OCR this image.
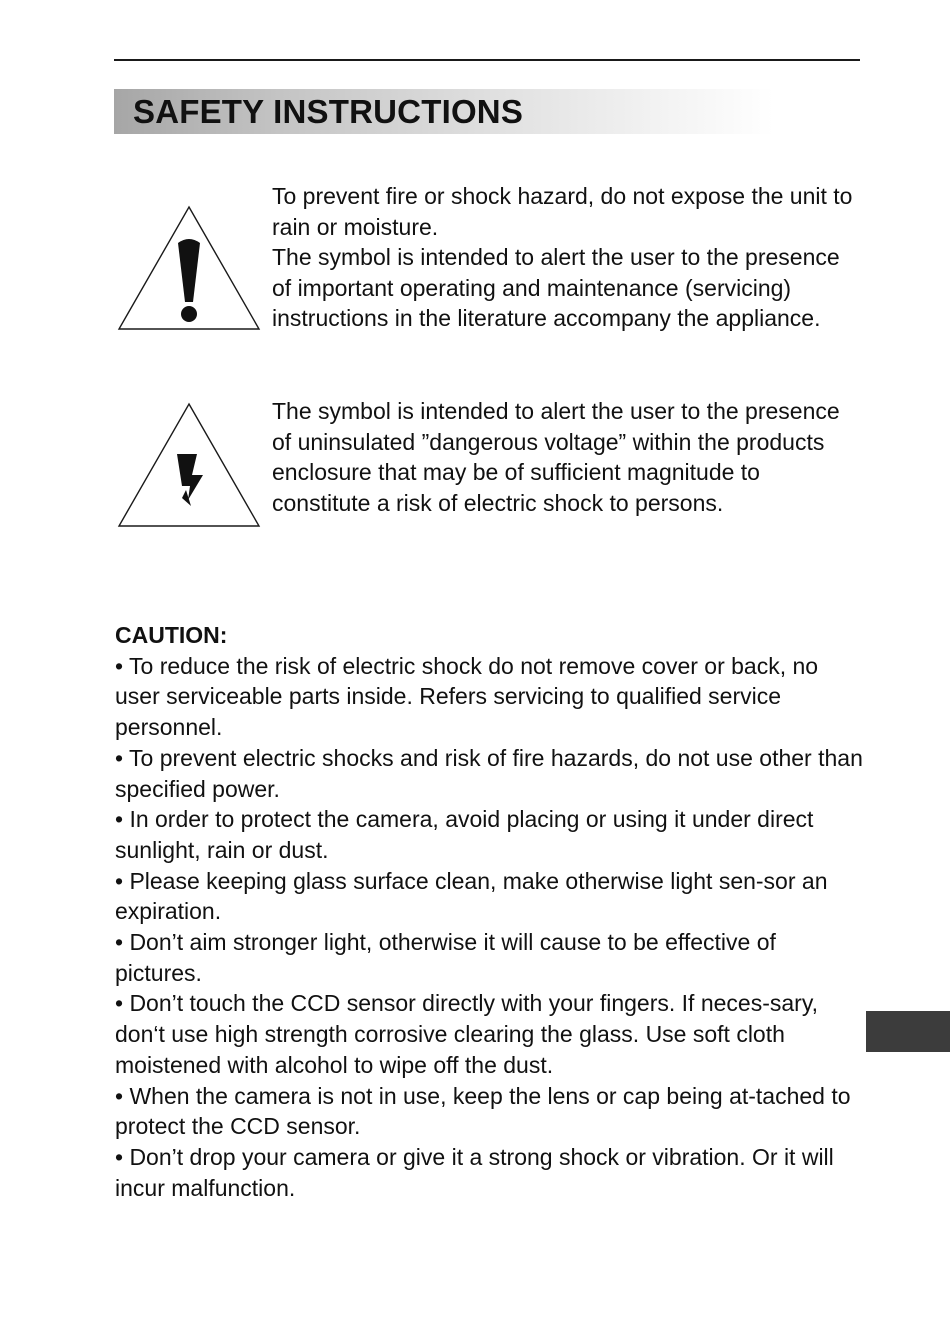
SAFETY INSTRUCTIONS
To prevent fire or shock hazard, do not expose the unit to rain or moisture.
The symbol is intended to alert the user to the presence of important operating and maintenance (servicing) instructions in the literature accompany the appliance.
The symbol is intended to alert the user to the presence of uninsulated ”dangerous voltage” within the products enclosure that may be of sufficient magnitude to constitute a risk of electric shock to persons.
CAUTION:
• To reduce the risk of electric shock do not remove cover or back, no user serviceable parts inside. Refers servicing to qualified service personnel.
• To prevent electric shocks and risk of fire hazards, do not use other than specified power.
• In order to protect the camera, avoid placing or using it under direct sunlight, rain or dust.
• Please keeping glass surface clean, make otherwise light sen-sor an expiration.
• Don’t aim stronger light, otherwise it will cause to be effective of pictures.
• Don’t touch the CCD sensor directly with your fingers. If neces-sary, don‘t use high strength corrosive clearing the glass. Use soft cloth moistened with alcohol to wipe off the dust.
• When the camera is not in use, keep the lens or cap being at-tached to protect the CCD sensor.
• Don’t drop your camera or give it a strong shock or vibration. Or it will incur malfunction.
